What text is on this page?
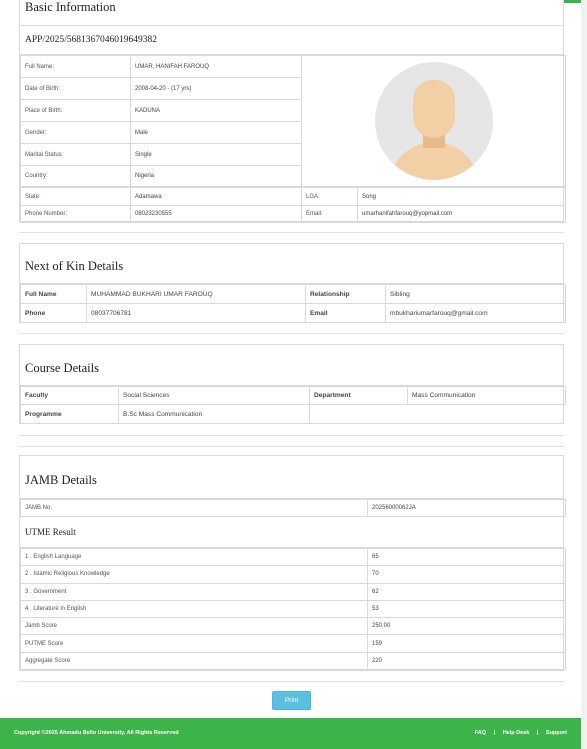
Basic Information
APP/2025/5681367046019649382
Full Name:	UMAR, HANIFAH FAROUQ	

Date of Birth:	2008-04-20 - (17 yrs)	
Place of Birth:	KADUNA	
Gender:	Male	
Marital Status:	Single	
Country:	Nigeria	
State:	Adamawa	LGA:	Song
Phone Number:	08023230555	Email:	umarhanifahfarouq@yopmail.com
Next of Kin Details
Full Name	MUHAMMAD BUKHARI UMAR FAROUQ	Relationship	Sibling
Phone	08037706781	Email	mbukhariumarfarouq@gmail.com
Course Details
Faculty	Social Sciences	Department	Mass Communication
Programme	B.Sc Mass Communication		
JAMB Details
JAMB No.	20256000062JA
UTME Result
1 . English Language	65
2 . Islamic Religious Knowledge	70
3 . Government	62
4 . Literature in English	53
Jamb Score	250.00
PUTME Score	159
Aggregate Score	220
Print
Copyright ©2025 Ahmadu Bello University, All Rights Reserved	FAQ | Help Desk | Support
